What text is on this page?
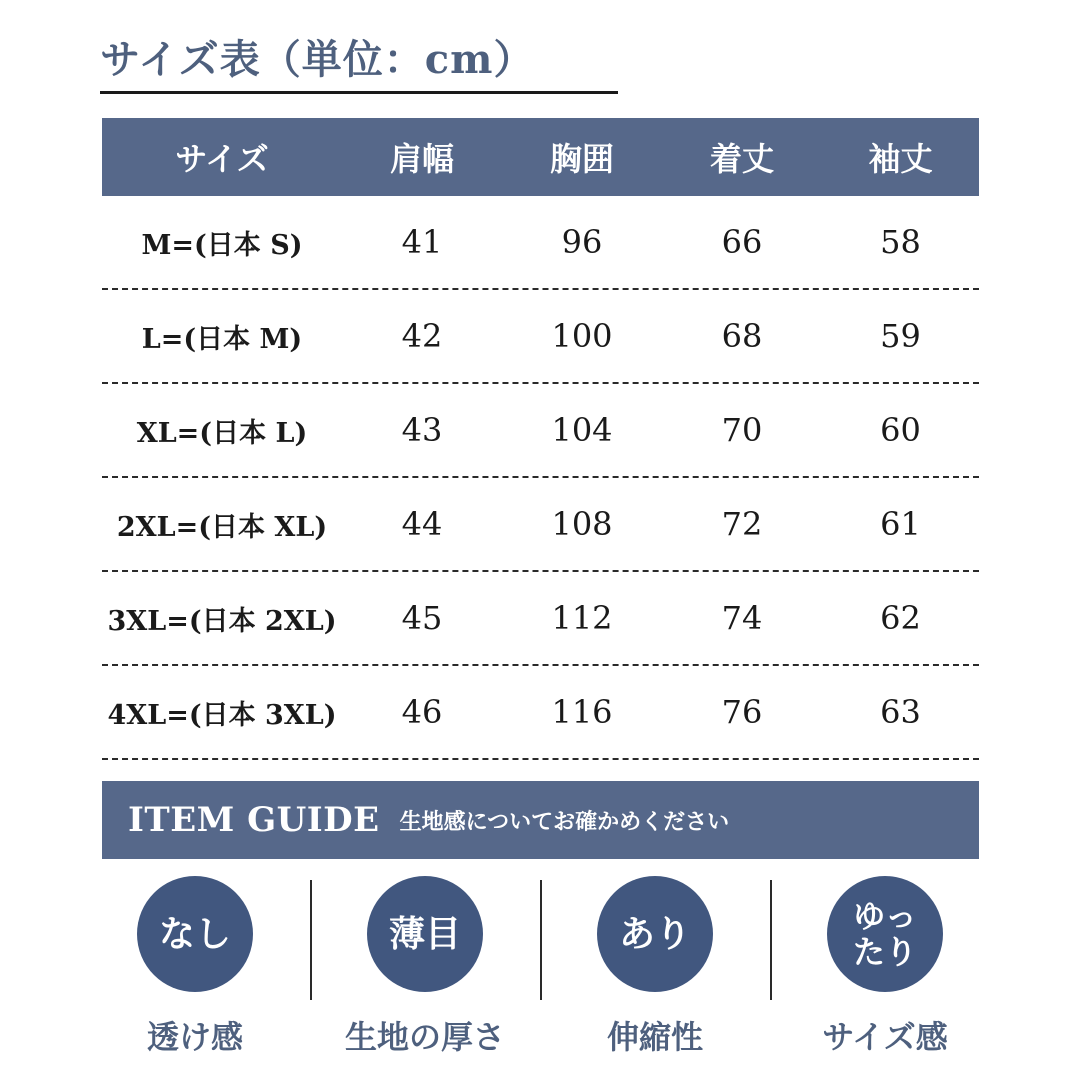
サイズ表（単位：cm）
サイズ	肩幅	胸囲	着丈	袖丈
M=(日本 S)	41	96	66	58
L=(日本 M)	42	100	68	59
XL=(日本 L)	43	104	70	60
2XL=(日本 XL)	44	108	72	61
3XL=(日本 2XL)	45	112	74	62
4XL=(日本 3XL)	46	116	76	63
ITEM GUIDE 生地感についてお確かめください
なし
透け感
薄目
生地の厚さ
あり
伸縮性
ゆっ
たり
サイズ感
